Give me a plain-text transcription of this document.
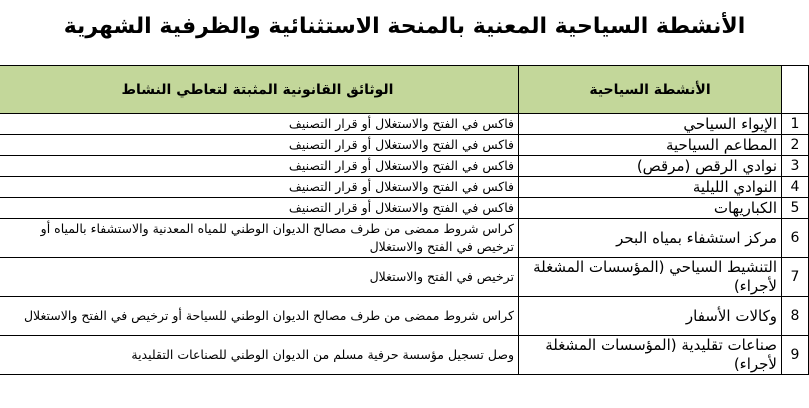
الأنشطة السياحية المعنية بالمنحة الاستثنائية والظرفية الشهرية
	الأنشطة السياحية	الوثائق القانونية المثبتة لتعاطي النشاط
1	الإيواء السياحي	فاكس في الفتح والاستغلال أو قرار التصنيف
2	المطاعم السياحية	فاكس في الفتح والاستغلال أو قرار التصنيف
3	نوادي الرقص (مرقص)	فاكس في الفتح والاستغلال أو قرار التصنيف
4	النوادي الليلية	فاكس في الفتح والاستغلال أو قرار التصنيف
5	الكباريهات	فاكس في الفتح والاستغلال أو قرار التصنيف
6	مركز استشفاء بمياه البحر	كراس شروط ممضى من طرف مصالح الديوان الوطني للمياه المعدنية والاستشفاء بالمياه أو ترخيص في الفتح والاستغلال
7	التنشيط السياحي (المؤسسات المشغلة لأجراء)	ترخيص في الفتح والاستغلال
8	وكالات الأسفار	كراس شروط ممضى من طرف مصالح الديوان الوطني للسياحة أو ترخيص في الفتح والاستغلال
9	صناعات تقليدية (المؤسسات المشغلة لأجراء)	وصل تسجيل مؤسسة حرفية مسلم من الديوان الوطني للصناعات التقليدية
